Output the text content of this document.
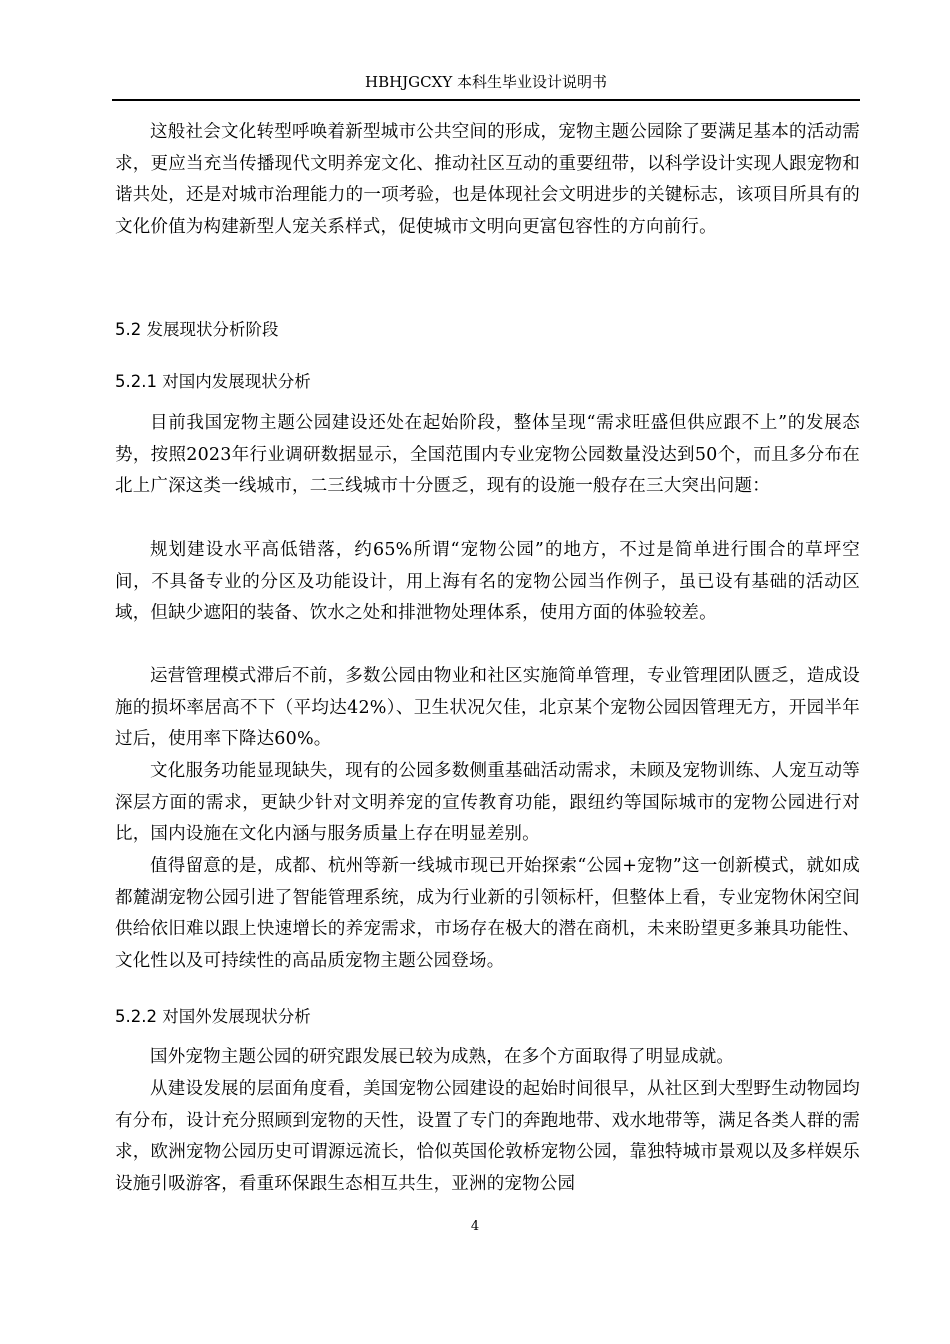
HBHJGCXY 本科生毕业设计说明书

这般社会文化转型呼唤着新型城市公共空间的形成，宠物主题公园除了要满足基本的活动需求，更应当充当传播现代文明养宠文化、推动社区互动的重要纽带，以科学设计实现人跟宠物和谐共处，还是对城市治理能力的一项考验，也是体现社会文明进步的关键标志，该项目所具有的文化价值为构建新型人宠关系样式，促使城市文明向更富包容性的方向前行。

5.2 发展现状分析阶段
5.2.1 对国内发展现状分析

目前我国宠物主题公园建设还处在起始阶段，整体呈现“需求旺盛但供应跟不上”的发展态势，按照2023年行业调研数据显示，全国范围内专业宠物公园数量没达到50个，而且多分布在北上广深这类一线城市，二三线城市十分匮乏，现有的设施一般存在三大突出问题：

规划建设水平高低错落，约65%所谓“宠物公园”的地方，不过是简单进行围合的草坪空间，不具备专业的分区及功能设计，用上海有名的宠物公园当作例子，虽已设有基础的活动区域，但缺少遮阳的装备、饮水之处和排泄物处理体系，使用方面的体验较差。

运营管理模式滞后不前，多数公园由物业和社区实施简单管理，专业管理团队匮乏，造成设施的损坏率居高不下（平均达42%）、卫生状况欠佳，北京某个宠物公园因管理无方，开园半年过后，使用率下降达60%。

文化服务功能显现缺失，现有的公园多数侧重基础活动需求，未顾及宠物训练、人宠互动等深层方面的需求，更缺少针对文明养宠的宣传教育功能，跟纽约等国际城市的宠物公园进行对比，国内设施在文化内涵与服务质量上存在明显差别。

值得留意的是，成都、杭州等新一线城市现已开始探索“公园+宠物”这一创新模式，就如成都麓湖宠物公园引进了智能管理系统，成为行业新的引领标杆，但整体上看，专业宠物休闲空间供给依旧难以跟上快速增长的养宠需求，市场存在极大的潜在商机，未来盼望更多兼具功能性、文化性以及可持续性的高品质宠物主题公园登场。

5.2.2 对国外发展现状分析

国外宠物主题公园的研究跟发展已较为成熟，在多个方面取得了明显成就。

从建设发展的层面角度看，美国宠物公园建设的起始时间很早，从社区到大型野生动物园均有分布，设计充分照顾到宠物的天性，设置了专门的奔跑地带、戏水地带等，满足各类人群的需求，欧洲宠物公园历史可谓源远流长，恰似英国伦敦桥宠物公园，靠独特城市景观以及多样娱乐设施引吸游客，看重环保跟生态相互共生，亚洲的宠物公园

4
